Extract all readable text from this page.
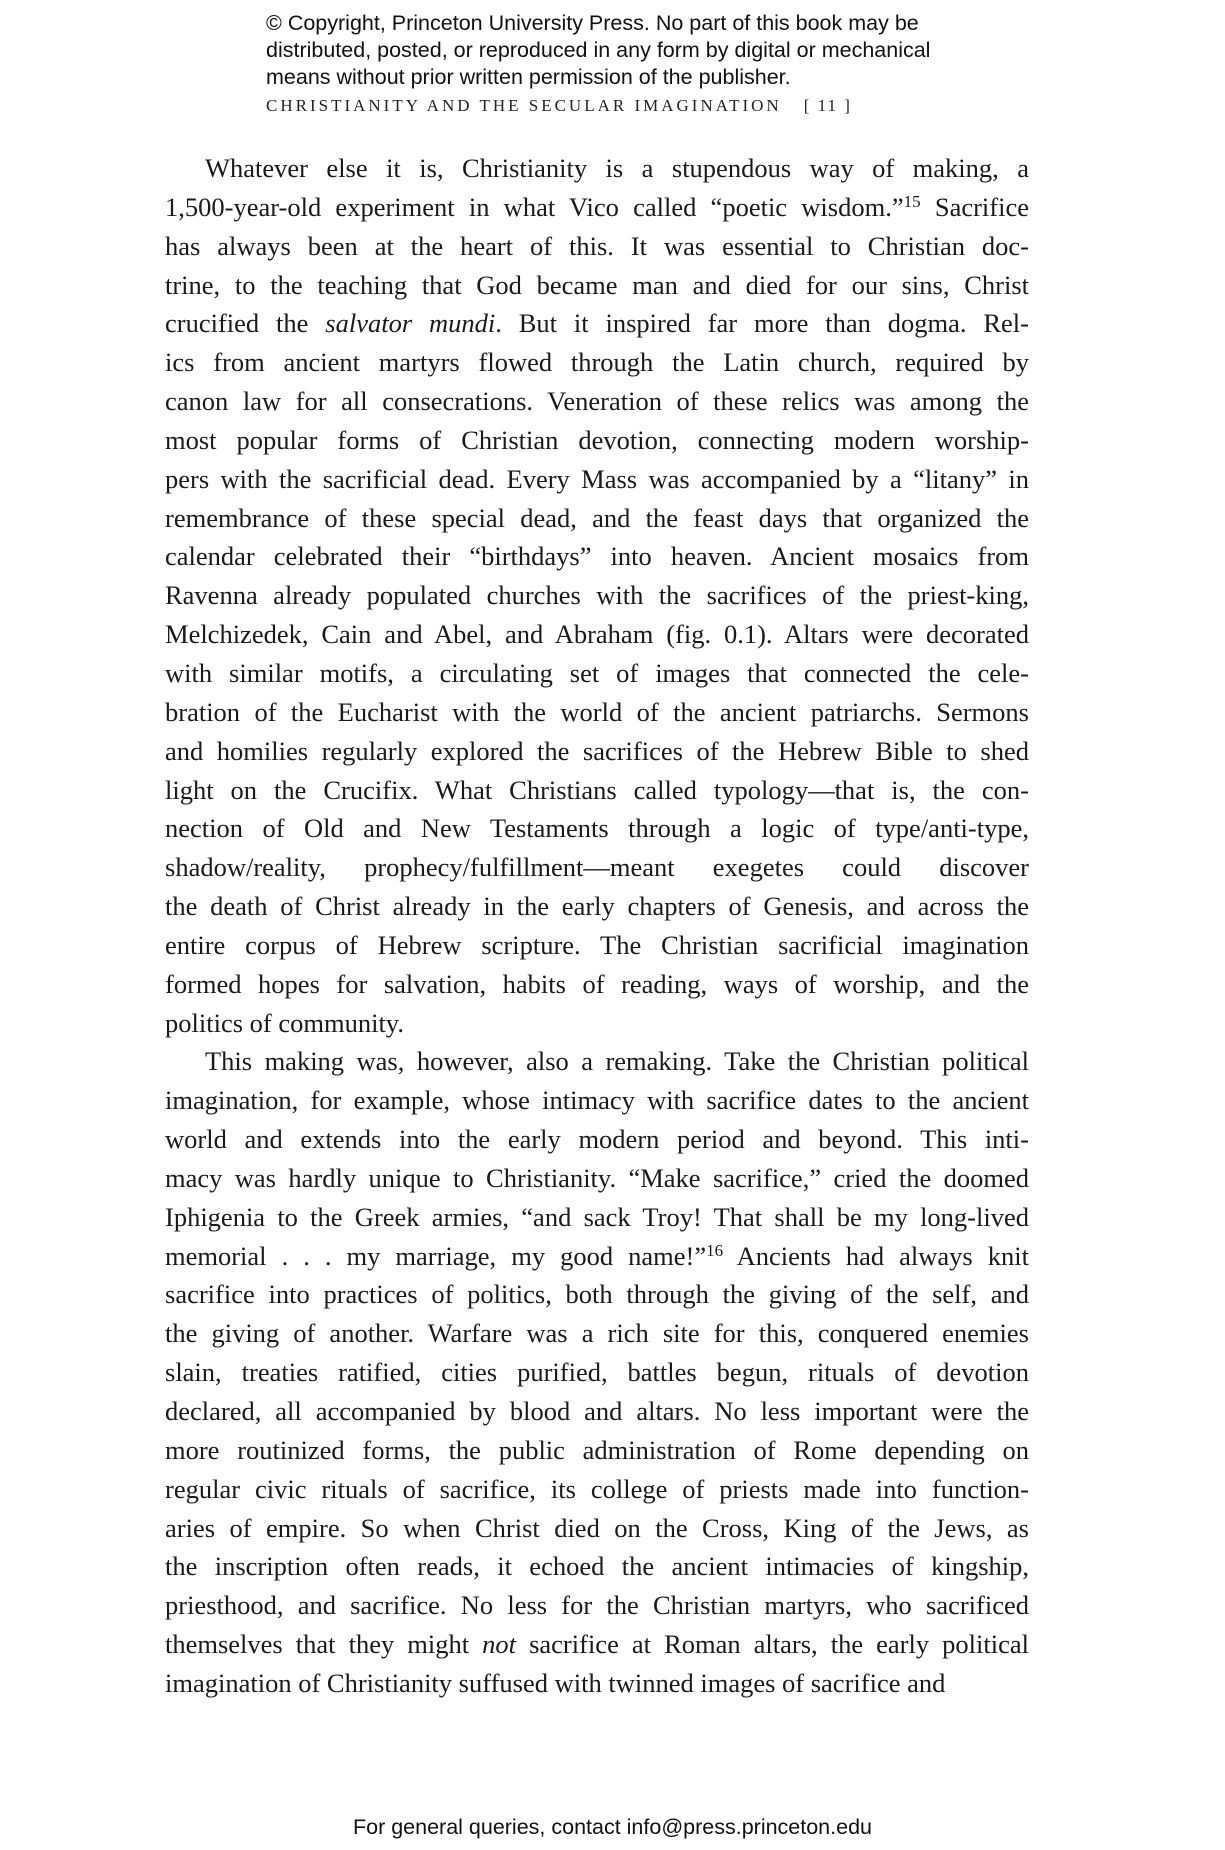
© Copyright, Princeton University Press. No part of this book may be
distributed, posted, or reproduced in any form by digital or mechanical
means without prior written permission of the publisher.
CHRISTIANITY AND THE SECULAR IMAGINATION [ 11 ]
Whatever else it is, Christianity is a stupendous way of making, a
1,500-year-old experiment in what Vico called “poetic wisdom.”$^{15}$ Sacrifice
has always been at the heart of this. It was essential to Christian doc-
trine, to the teaching that God became man and died for our sins, Christ
crucified the salvator mundi. But it inspired far more than dogma. Rel-
ics from ancient martyrs flowed through the Latin church, required by
canon law for all consecrations. Veneration of these relics was among the
most popular forms of Christian devotion, connecting modern worship-
pers with the sacrificial dead. Every Mass was accompanied by a “litany” in
remembrance of these special dead, and the feast days that organized the
calendar celebrated their “birthdays” into heaven. Ancient mosaics from
Ravenna already populated churches with the sacrifices of the priest-king,
Melchizedek, Cain and Abel, and Abraham (fig. 0.1). Altars were decorated
with similar motifs, a circulating set of images that connected the cele-
bration of the Eucharist with the world of the ancient patriarchs. Sermons
and homilies regularly explored the sacrifices of the Hebrew Bible to shed
light on the Crucifix. What Christians called typology—that is, the con-
nection of Old and New Testaments through a logic of type/anti-type,
shadow/reality, prophecy/fulfillment—meant exegetes could discover
the death of Christ already in the early chapters of Genesis, and across the
entire corpus of Hebrew scripture. The Christian sacrificial imagination
formed hopes for salvation, habits of reading, ways of worship, and the
politics of community.
This making was, however, also a remaking. Take the Christian political
imagination, for example, whose intimacy with sacrifice dates to the ancient
world and extends into the early modern period and beyond. This inti-
macy was hardly unique to Christianity. “Make sacrifice,” cried the doomed
Iphigenia to the Greek armies, “and sack Troy! That shall be my long-lived
memorial . . . my marriage, my good name!”$^{16}$ Ancients had always knit
sacrifice into practices of politics, both through the giving of the self, and
the giving of another. Warfare was a rich site for this, conquered enemies
slain, treaties ratified, cities purified, battles begun, rituals of devotion
declared, all accompanied by blood and altars. No less important were the
more routinized forms, the public administration of Rome depending on
regular civic rituals of sacrifice, its college of priests made into function-
aries of empire. So when Christ died on the Cross, King of the Jews, as
the inscription often reads, it echoed the ancient intimacies of kingship,
priesthood, and sacrifice. No less for the Christian martyrs, who sacrificed
themselves that they might not sacrifice at Roman altars, the early political
imagination of Christianity suffused with twinned images of sacrifice and
For general queries, contact info@press.princeton.edu
